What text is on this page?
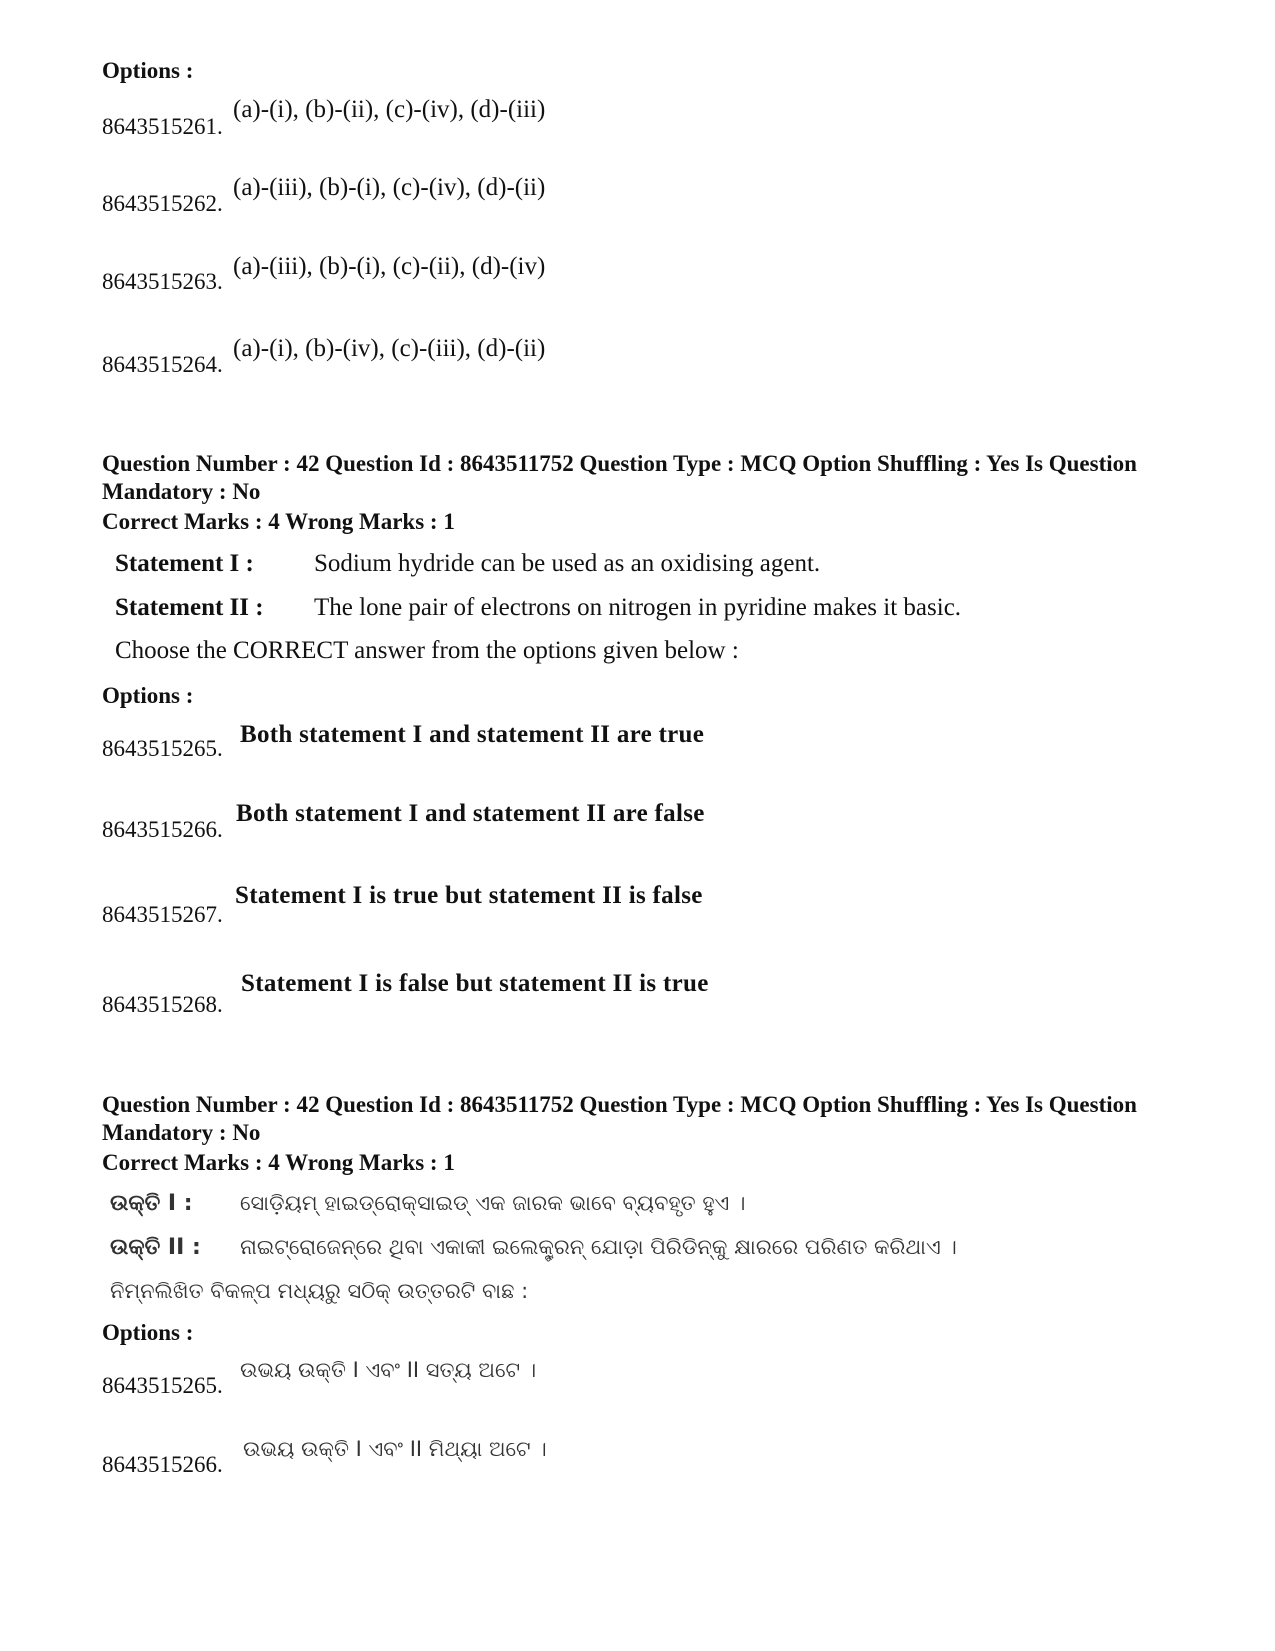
Options :
8643515261.
(a)-(i), (b)-(ii), (c)-(iv), (d)-(iii)
8643515262.
(a)-(iii), (b)-(i), (c)-(iv), (d)-(ii)
8643515263.
(a)-(iii), (b)-(i), (c)-(ii), (d)-(iv)
8643515264.
(a)-(i), (b)-(iv), (c)-(iii), (d)-(ii)
Question Number : 42 Question Id : 8643511752 Question Type : MCQ Option Shuffling : Yes Is Question Mandatory : No
Correct Marks : 4 Wrong Marks : 1
Statement I : Sodium hydride can be used as an oxidising agent.
Statement II : The lone pair of electrons on nitrogen in pyridine makes it basic.
Choose the CORRECT answer from the options given below :
Options :
8643515265.
Both statement I and statement II are true
8643515266.
Both statement I and statement II are false
8643515267.
Statement I is true but statement II is false
8643515268.
Statement I is false but statement II is true
Question Number : 42 Question Id : 8643511752 Question Type : MCQ Option Shuffling : Yes Is Question Mandatory : No
Correct Marks : 4 Wrong Marks : 1
ଉକ୍ତି I : ସୋଡ଼ିୟମ୍ ହାଇଡ୍ରୋକ୍ସାଇଡ୍ ଏକ ଜାରକ ଭାବେ ବ୍ୟବହୃତ ହୁଏ ।
ଉକ୍ତି II : ନାଇଟ୍ରୋଜେନ୍‌ରେ ଥିବା ଏକାକୀ ଇଲେକ୍ଟ୍ରନ୍ ଯୋଡ଼ା ପିରିଡିନ୍‌କୁ କ୍ଷାରରେ ପରିଣତ କରିଥାଏ ।
ନିମ୍ନଲିଖିତ ବିକଳ୍ପ ମଧ୍ୟରୁ ସଠିକ୍ ଉତ୍ତରଟି ବାଛ :
Options :
8643515265.
ଉଭୟ ଉକ୍ତି I ଏବଂ II ସତ୍ୟ ଅଟେ ।
8643515266.
ଉଭୟ ଉକ୍ତି I ଏବଂ II ମିଥ୍ୟା ଅଟେ ।
